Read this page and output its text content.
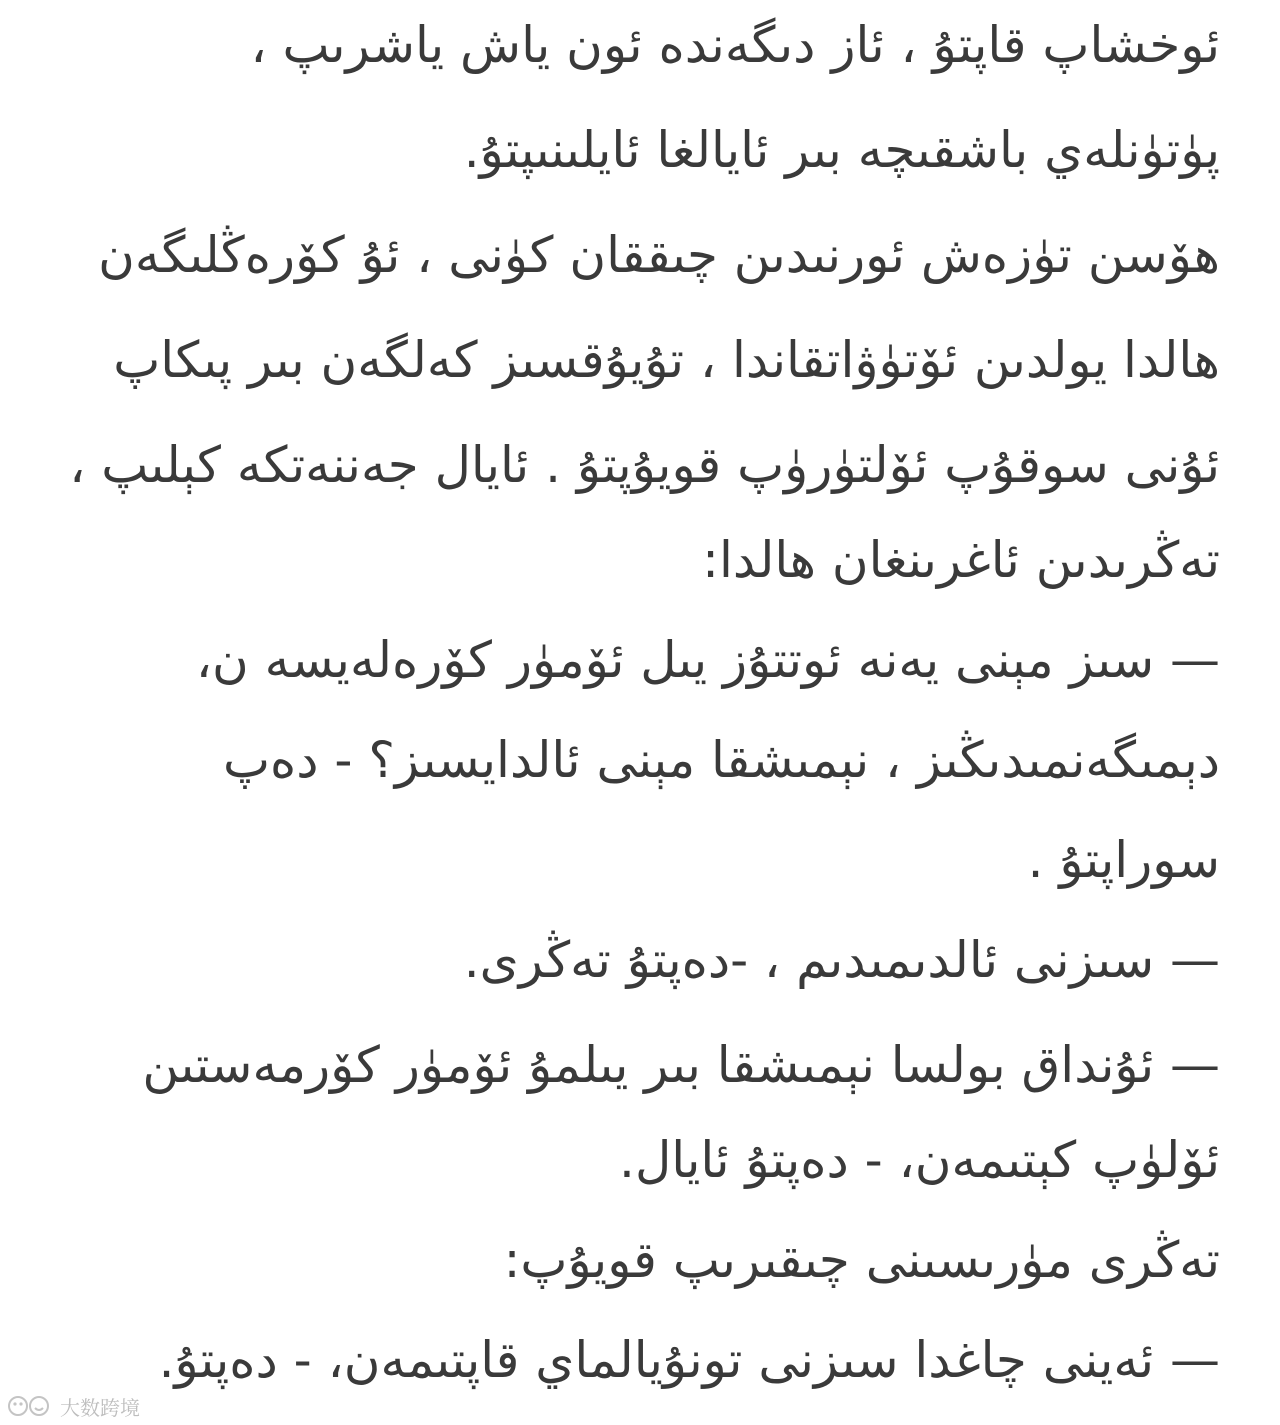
ئوخشاپ قاپتۇ ، ئاز دىگەندە ئون ياش ياشرىپ ،
پۈتۈنلەي باشقىچە بىر ئايالغا ئايلىنىپتۇ.
ھۆسن تۈزەش ئورنىدىن چىققان كۈنى ، ئۇ كۆرەڭلىگەن
ھالدا يولدىن ئۆتۈۋاتقاندا ، تۇيۇقسىز كەلگەن بىر پىكاپ
ئۇنى سوقۇپ ئۆلتۈرۈپ قويۇپتۇ . ئايال جەننەتكە كېلىپ ،
تەڭرىدىن ئاغرىنغان ھالدا:
— سىز مېنى يەنە ئوتتۇز يىل ئۆمۈر كۆرەلەيسە ن،
دېمىگەنمىدىڭىز ، نېمىشقا مېنى ئالدايسىز؟ - دەپ
سوراپتۇ .
— سىزنى ئالدىمىدىم ، -دەپتۇ تەڭرى.
— ئۇنداق بولسا نېمىشقا بىر يىلمۇ ئۆمۈر كۆرمەستىن
ئۆلۈپ كېتىمەن، - دەپتۇ ئايال.
تەڭرى مۈرىسىنى چىقىرىپ قويۇپ:
— ئەينى چاغدا سىزنى تونۇيالماي قاپتىمەن، - دەپتۇ.
大数跨境
